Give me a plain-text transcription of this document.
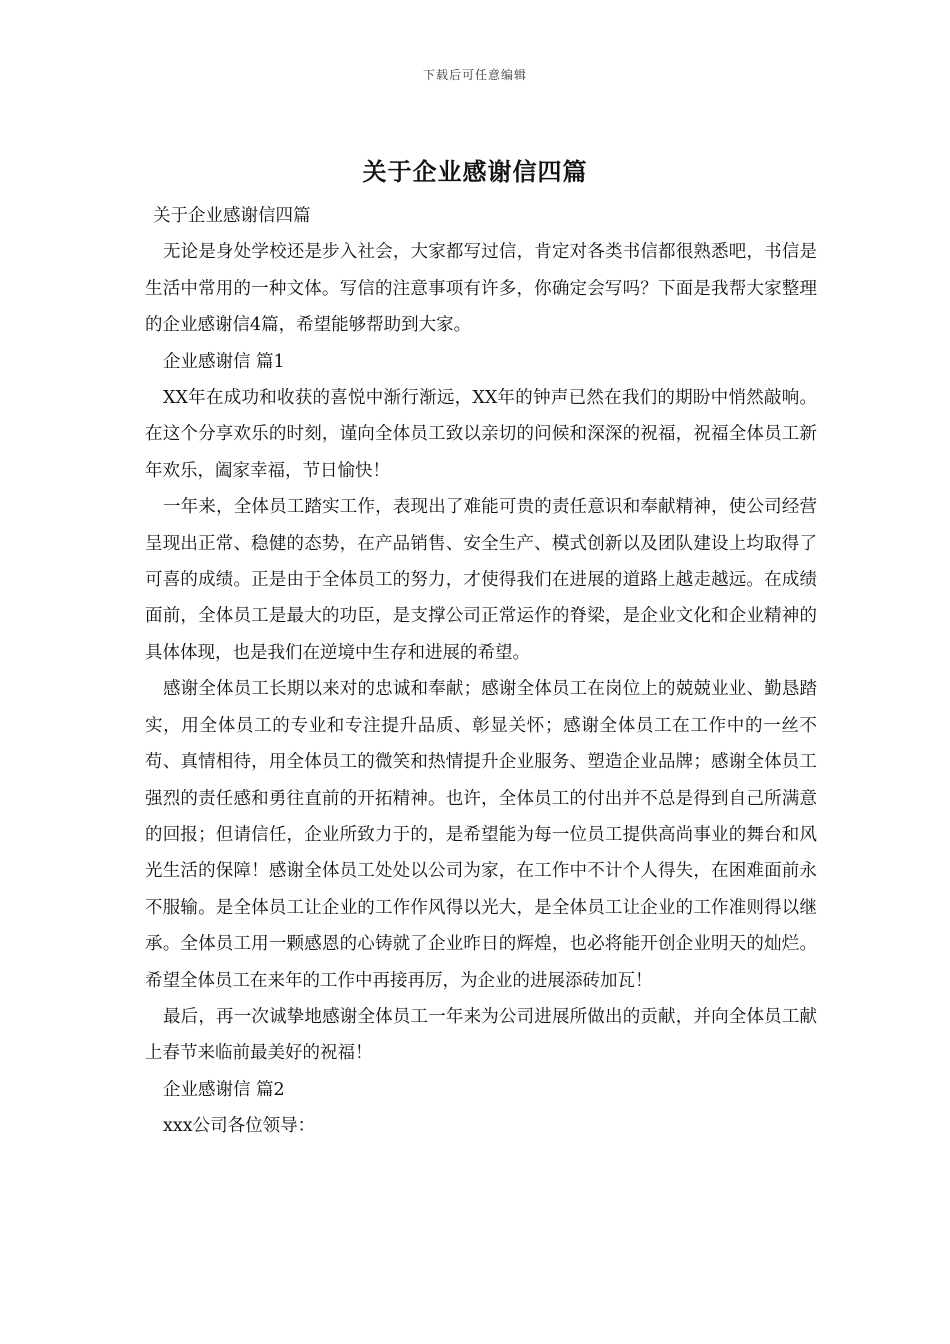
下载后可任意编辑
关于企业感谢信四篇

关于企业感谢信四篇

无论是身处学校还是步入社会，大家都写过信，肯定对各类书信都很熟悉吧，书信是生活中常用的一种文体。写信的注意事项有许多，你确定会写吗？下面是我帮大家整理的企业感谢信4篇，希望能够帮助到大家。

企业感谢信 篇1

XX年在成功和收获的喜悦中渐行渐远，XX年的钟声已然在我们的期盼中悄然敲响。在这个分享欢乐的时刻，谨向全体员工致以亲切的问候和深深的祝福，祝福全体员工新年欢乐，阖家幸福，节日愉快！

一年来，全体员工踏实工作，表现出了难能可贵的责任意识和奉献精神，使公司经营呈现出正常、稳健的态势，在产品销售、安全生产、模式创新以及团队建设上均取得了可喜的成绩。正是由于全体员工的努力，才使得我们在进展的道路上越走越远。在成绩面前，全体员工是最大的功臣，是支撑公司正常运作的脊梁，是企业文化和企业精神的具体体现，也是我们在逆境中生存和进展的希望。

感谢全体员工长期以来对的忠诚和奉献；感谢全体员工在岗位上的兢兢业业、勤恳踏实，用全体员工的专业和专注提升品质、彰显关怀；感谢全体员工在工作中的一丝不苟、真情相待，用全体员工的微笑和热情提升企业服务、塑造企业品牌；感谢全体员工强烈的责任感和勇往直前的开拓精神。也许，全体员工的付出并不总是得到自己所满意的回报；但请信任，企业所致力于的，是希望能为每一位员工提供高尚事业的舞台和风光生活的保障！感谢全体员工处处以公司为家，在工作中不计个人得失，在困难面前永不服输。是全体员工让企业的工作作风得以光大，是全体员工让企业的工作准则得以继承。全体员工用一颗感恩的心铸就了企业昨日的辉煌，也必将能开创企业明天的灿烂。希望全体员工在来年的工作中再接再厉，为企业的进展添砖加瓦！

最后，再一次诚挚地感谢全体员工一年来为公司进展所做出的贡献，并向全体员工献上春节来临前最美好的祝福！

企业感谢信 篇2

xxx公司各位领导：
